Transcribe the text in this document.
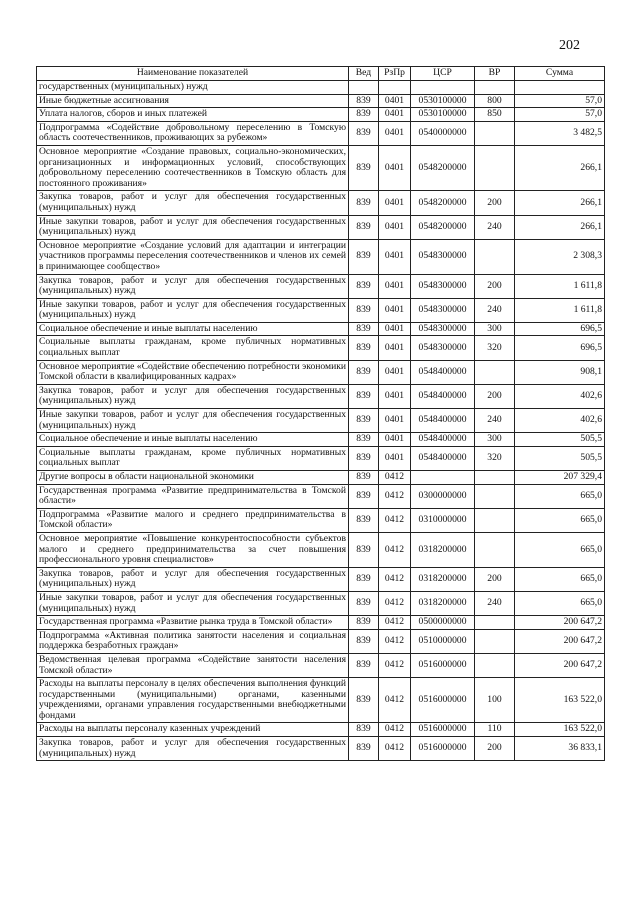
202
Наименование показателей	Вед	РзПр	ЦСР	ВР	Сумма
государственных (муниципальных) нужд					
Иные бюджетные ассигнования	839	0401	0530100000	800	57,0
Уплата налогов, сборов и иных платежей	839	0401	0530100000	850	57,0
Подпрограмма «Содействие добровольному переселению в Томскую область соотечественников, проживающих за рубежом»	839	0401	0540000000		3 482,5
Основное мероприятие «Создание правовых, социально-экономических, организационных и информационных условий, способствующих добровольному переселению соотечественников в Томскую область для постоянного проживания»	839	0401	0548200000		266,1
Закупка товаров, работ и услуг для обеспечения государственных (муниципальных) нужд	839	0401	0548200000	200	266,1
Иные закупки товаров, работ и услуг для обеспечения государственных (муниципальных) нужд	839	0401	0548200000	240	266,1
Основное мероприятие «Создание условий для адаптации и интеграции участников программы переселения соотечественников и членов их семей в принимающее сообщество»	839	0401	0548300000		2 308,3
Закупка товаров, работ и услуг для обеспечения государственных (муниципальных) нужд	839	0401	0548300000	200	1 611,8
Иные закупки товаров, работ и услуг для обеспечения государственных (муниципальных) нужд	839	0401	0548300000	240	1 611,8
Социальное обеспечение и иные выплаты населению	839	0401	0548300000	300	696,5
Социальные выплаты гражданам, кроме публичных нормативных социальных выплат	839	0401	0548300000	320	696,5
Основное мероприятие «Содействие обеспечению потребности экономики Томской области в квалифицированных кадрах»	839	0401	0548400000		908,1
Закупка товаров, работ и услуг для обеспечения государственных (муниципальных) нужд	839	0401	0548400000	200	402,6
Иные закупки товаров, работ и услуг для обеспечения государственных (муниципальных) нужд	839	0401	0548400000	240	402,6
Социальное обеспечение и иные выплаты населению	839	0401	0548400000	300	505,5
Социальные выплаты гражданам, кроме публичных нормативных социальных выплат	839	0401	0548400000	320	505,5
Другие вопросы в области национальной экономики	839	0412			207 329,4
Государственная программа «Развитие предпринимательства в Томской области»	839	0412	0300000000		665,0
Подпрограмма «Развитие малого и среднего предпринимательства в Томской области»	839	0412	0310000000		665,0
Основное мероприятие «Повышение конкурентоспособности субъектов малого и среднего предпринимательства за счет повышения профессионального уровня специалистов»	839	0412	0318200000		665,0
Закупка товаров, работ и услуг для обеспечения государственных (муниципальных) нужд	839	0412	0318200000	200	665,0
Иные закупки товаров, работ и услуг для обеспечения государственных (муниципальных) нужд	839	0412	0318200000	240	665,0
Государственная программа «Развитие рынка труда в Томской области»	839	0412	0500000000		200 647,2
Подпрограмма «Активная политика занятости населения и социальная поддержка безработных граждан»	839	0412	0510000000		200 647,2
Ведомственная целевая программа «Содействие занятости населения Томской области»	839	0412	0516000000		200 647,2
Расходы на выплаты персоналу в целях обеспечения выполнения функций государственными (муниципальными) органами, казенными учреждениями, органами управления государственными внебюджетными фондами	839	0412	0516000000	100	163 522,0
Расходы на выплаты персоналу казенных учреждений	839	0412	0516000000	110	163 522,0
Закупка товаров, работ и услуг для обеспечения государственных (муниципальных) нужд	839	0412	0516000000	200	36 833,1
